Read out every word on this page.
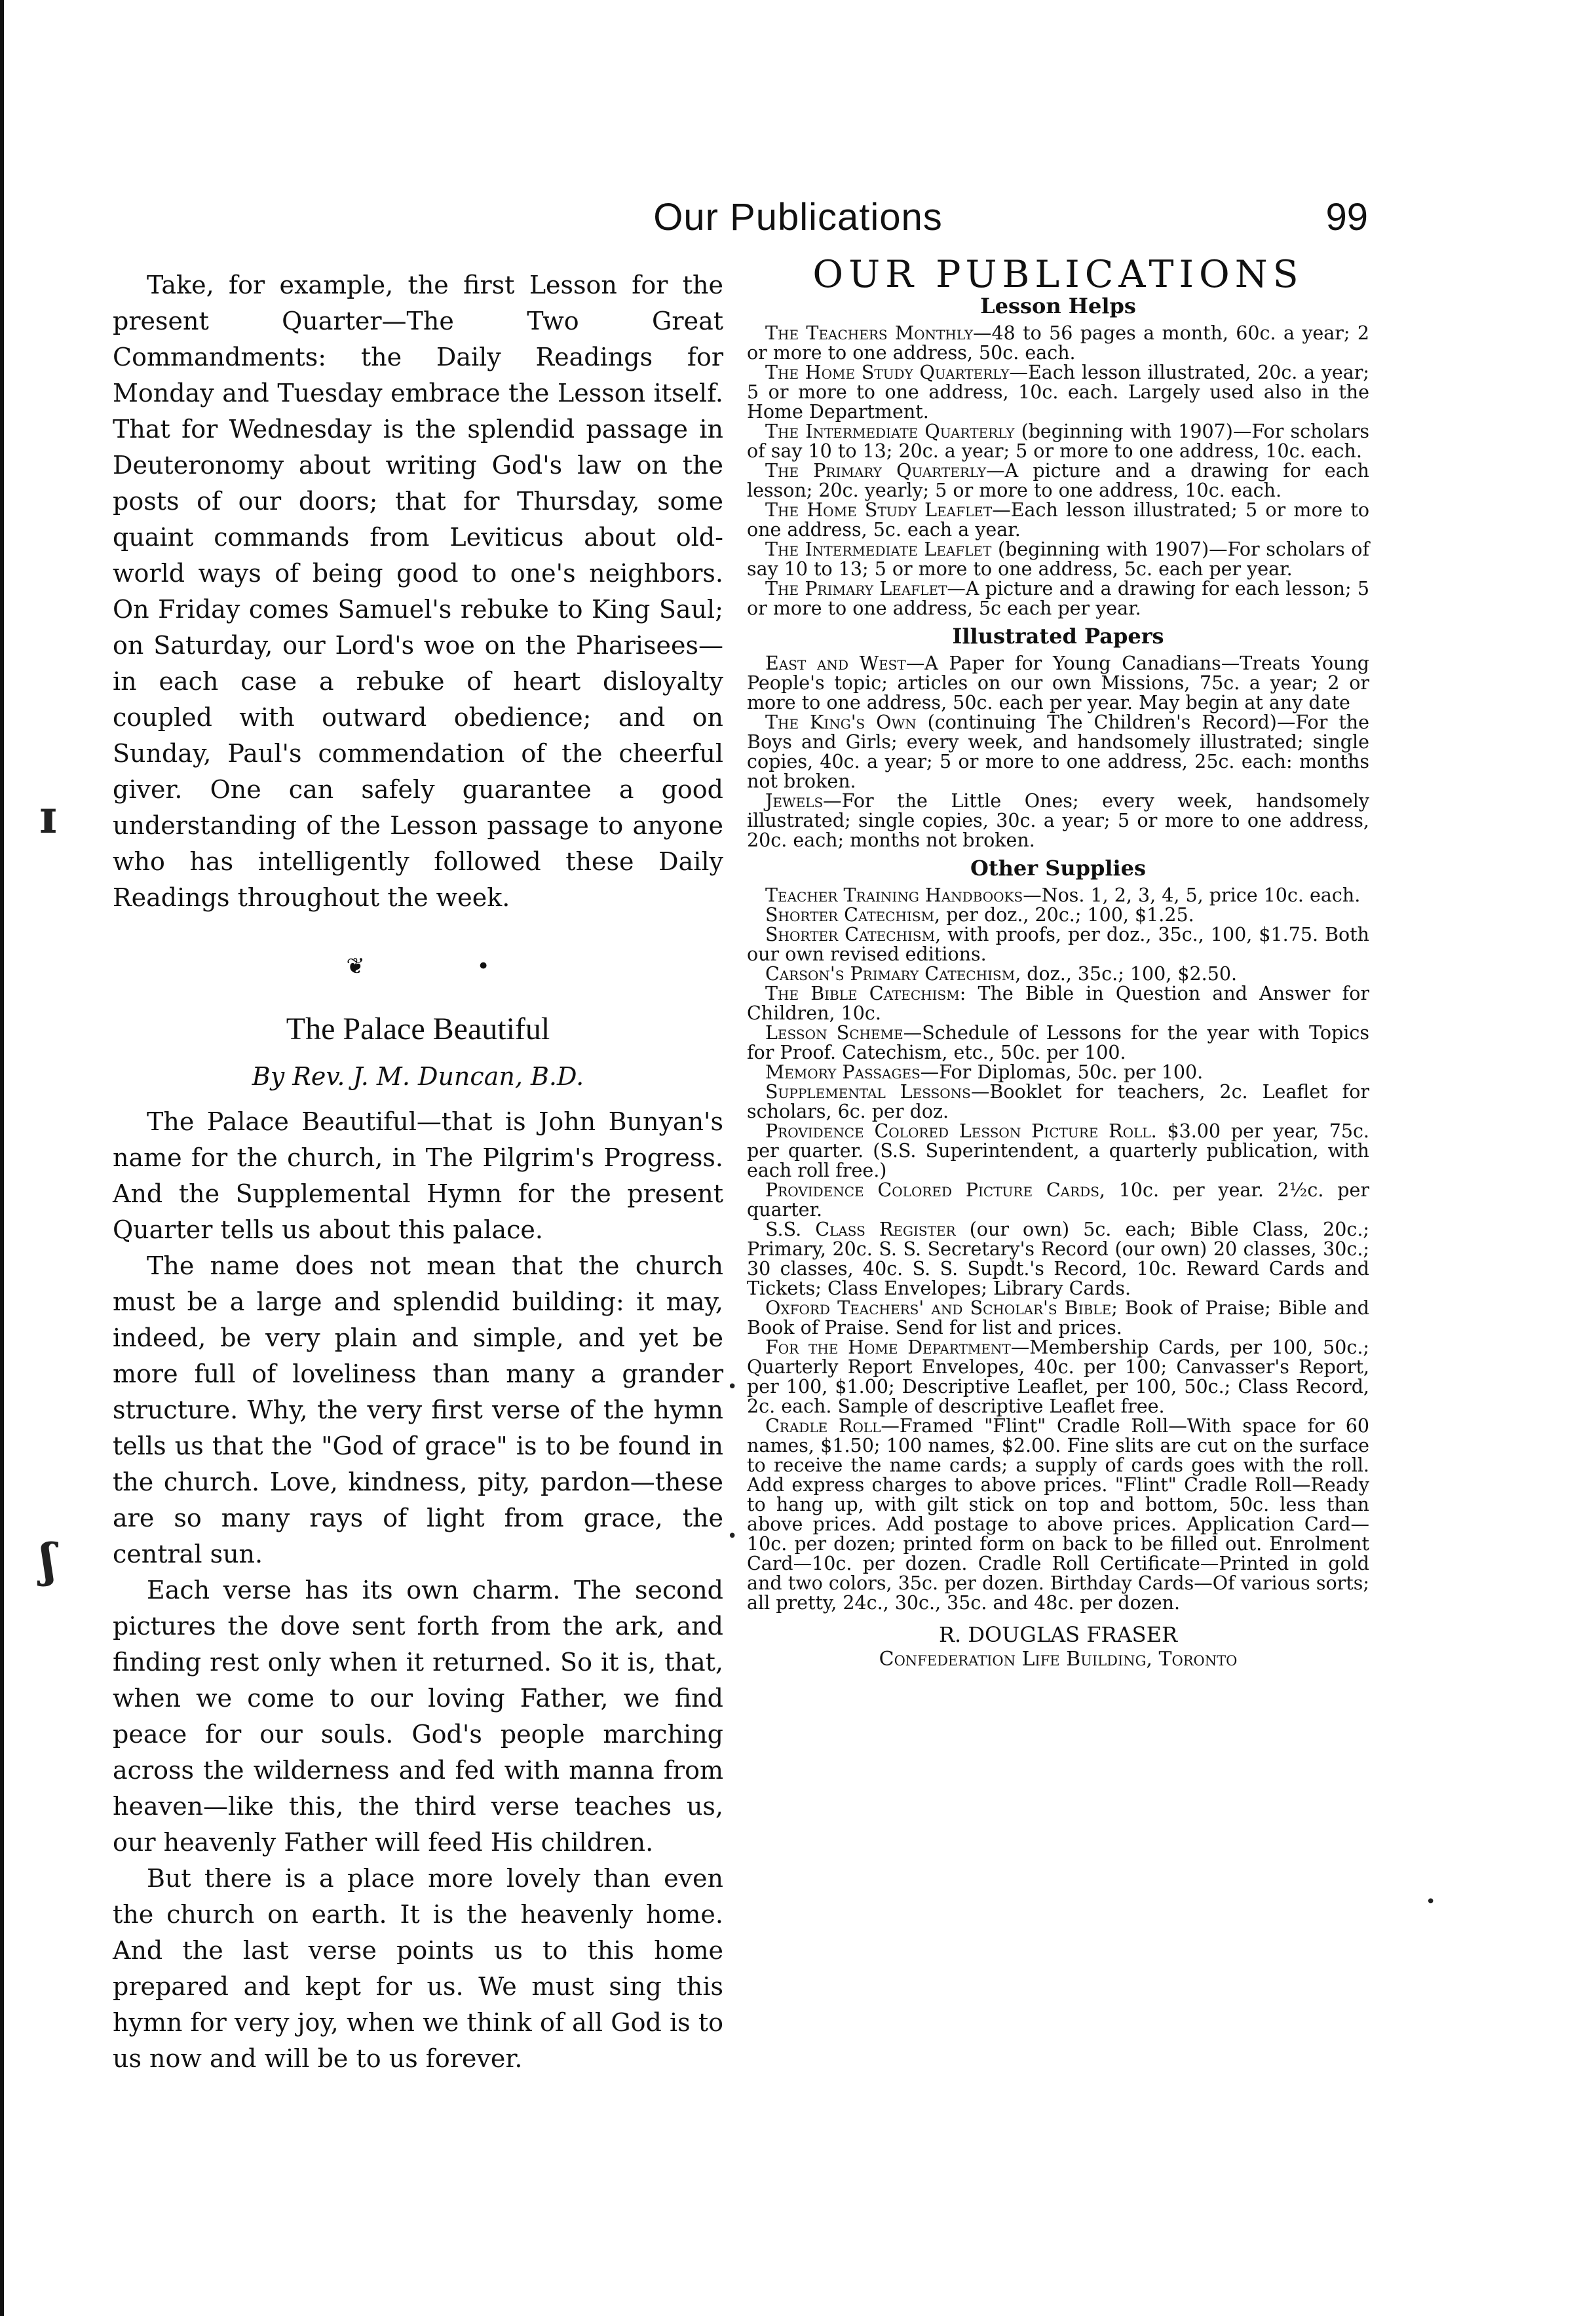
Our Publications	99
ɪ
ʃ	•
•
•

Take, for example, the first Lesson for the present Quarter—The Two Great Commandments: the Daily Readings for Monday and Tuesday embrace the Lesson itself. That for Wednesday is the splendid passage in Deuteronomy about writing God's law on the posts of our doors; that for Thursday, some quaint commands from Leviticus about old-world ways of being good to one's neighbors. On Friday comes Samuel's rebuke to King Saul; on Saturday, our Lord's woe on the Pharisees—in each case a rebuke of heart disloyalty coupled with outward obedience; and on Sunday, Paul's commendation of the cheerful giver. One can safely guarantee a good understanding of the Lesson passage to anyone who has intelligently followed these Daily Readings throughout the week.

❦	•
The Palace Beautiful
By Rev. J. M. Duncan, B.D.

The Palace Beautiful—that is John Bunyan's name for the church, in The Pilgrim's Progress. And the Supplemental Hymn for the present Quarter tells us about this palace.

The name does not mean that the church must be a large and splendid building: it may, indeed, be very plain and simple, and yet be more full of loveliness than many a grander structure. Why, the very first verse of the hymn tells us that the "God of grace" is to be found in the church. Love, kindness, pity, pardon—these are so many rays of light from grace, the central sun.

Each verse has its own charm. The second pictures the dove sent forth from the ark, and finding rest only when it returned. So it is, that, when we come to our loving Father, we find peace for our souls. God's people marching across the wilderness and fed with manna from heaven—like this, the third verse teaches us, our heavenly Father will feed His children.

But there is a place more lovely than even the church on earth. It is the heavenly home. And the last verse points us to this home prepared and kept for us. We must sing this hymn for very joy, when we think of all God is to us now and will be to us forever.

OUR PUBLICATIONS
Lesson Helps

The Teachers Monthly—48 to 56 pages a month, 60c. a year; 2 or more to one address, 50c. each.

The Home Study Quarterly—Each lesson illustrated, 20c. a year; 5 or more to one address, 10c. each. Largely used also in the Home Department.

The Intermediate Quarterly (beginning with 1907)—For scholars of say 10 to 13; 20c. a year; 5 or more to one address, 10c. each.

The Primary Quarterly—A picture and a drawing for each lesson; 20c. yearly; 5 or more to one address, 10c. each.

The Home Study Leaflet—Each lesson illustrated; 5 or more to one address, 5c. each a year.

The Intermediate Leaflet (beginning with 1907)—For scholars of say 10 to 13; 5 or more to one address, 5c. each per year.

The Primary Leaflet—A picture and a drawing for each lesson; 5 or more to one address, 5c each per year.

Illustrated Papers

East and West—A Paper for Young Canadians—Treats Young People's topic; articles on our own Missions, 75c. a year; 2 or more to one address, 50c. each per year. May begin at any date

The King's Own (continuing The Children's Record)—For the Boys and Girls; every week, and handsomely illustrated; single copies, 40c. a year; 5 or more to one address, 25c. each: months not broken.

Jewels—For the Little Ones; every week, handsomely illustrated; single copies, 30c. a year; 5 or more to one address, 20c. each; months not broken.

Other Supplies

Teacher Training Handbooks—Nos. 1, 2, 3, 4, 5, price 10c. each.

Shorter Catechism, per doz., 20c.; 100, $1.25.

Shorter Catechism, with proofs, per doz., 35c., 100, $1.75. Both our own revised editions.

Carson's Primary Catechism, doz., 35c.; 100, $2.50.

The Bible Catechism: The Bible in Question and Answer for Children, 10c.

Lesson Scheme—Schedule of Lessons for the year with Topics for Proof. Catechism, etc., 50c. per 100.

Memory Passages—For Diplomas, 50c. per 100.

Supplemental Lessons—Booklet for teachers, 2c. Leaflet for scholars, 6c. per doz.

Providence Colored Lesson Picture Roll. $3.00 per year, 75c. per quarter. (S.S. Superintendent, a quarterly publication, with each roll free.)

Providence Colored Picture Cards, 10c. per year. 2½c. per quarter.

S.S. Class Register (our own) 5c. each; Bible Class, 20c.; Primary, 20c. S. S. Secretary's Record (our own) 20 classes, 30c.; 30 classes, 40c. S. S. Supdt.'s Record, 10c. Reward Cards and Tickets; Class Envelopes; Library Cards.

Oxford Teachers' and Scholar's Bible; Book of Praise; Bible and Book of Praise. Send for list and prices.

For the Home Department—Membership Cards, per 100, 50c.; Quarterly Report Envelopes, 40c. per 100; Canvasser's Report, per 100, $1.00; Descriptive Leaflet, per 100, 50c.; Class Record, 2c. each. Sample of descriptive Leaflet free.

Cradle Roll—Framed "Flint" Cradle Roll—With space for 60 names, $1.50; 100 names, $2.00. Fine slits are cut on the surface to receive the name cards; a supply of cards goes with the roll. Add express charges to above prices. "Flint" Cradle Roll—Ready to hang up, with gilt stick on top and bottom, 50c. less than above prices. Add postage to above prices. Application Card—10c. per dozen; printed form on back to be filled out. Enrolment Card—10c. per dozen. Cradle Roll Certificate—Printed in gold and two colors, 35c. per dozen. Birthday Cards—Of various sorts; all pretty, 24c., 30c., 35c. and 48c. per dozen.

R. DOUGLAS FRASER
Confederation Life Building, Toronto
